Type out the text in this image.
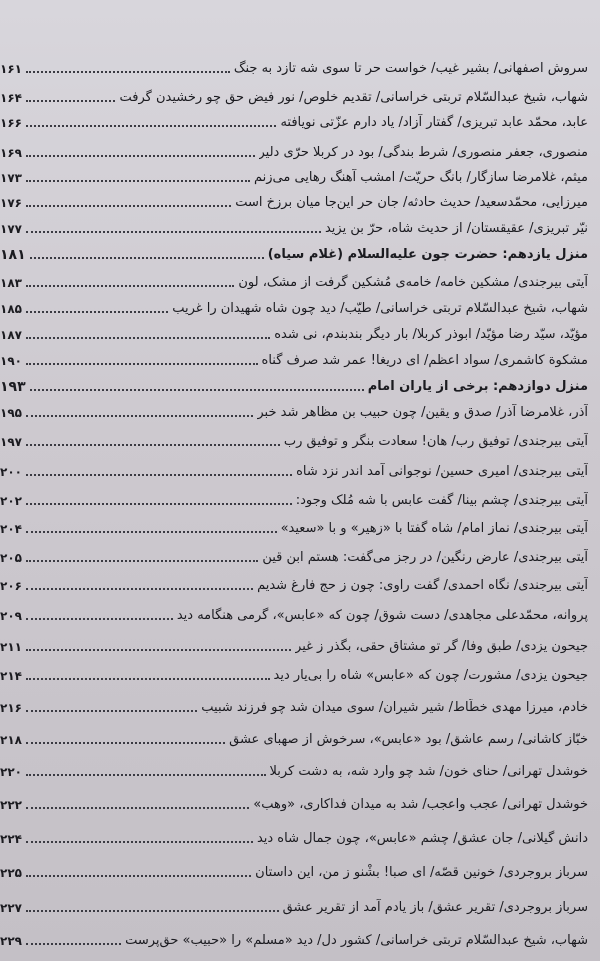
سروش اصفهانی/ بشیر غیب/ خواست حر تا سوی شه تازد به جنگ
۱۶۱
شهاب، شیخ عبدالسّلام تربتی خراسانی/ تقدیم خلوص/ نور فیض حق چو رخشیدن گرفت
۱۶۴
عابد، محمّد عابد تبریزی/ گفتار آزاد/ یاد دارم عزّتی نویافته
۱۶۶
منصوری، جعفر منصوری/ شرط بندگی/ بود در کربلا حرّی دلیر
۱۶۹
میثم، غلامرضا سازگار/ بانگ حریّت/ امشب آهنگ رهایی می‌زنم
۱۷۳
میرزایی، محمّدسعید/ حدیث حادثه/ جان حر این‌جا میان برزخ است
۱۷۶
نیّر تبریزی/ عقیقستان/ از حدیث شاه، حرّ بن یزید
۱۷۷
منزل یازدهم: حضرت جون علیه‌السلام (غلام سیاه)
۱۸۱
آیتی بیرجندی/ مشکین خامه/ خامه‌ی مُشکین گرفت از مشک، لون
۱۸۳
شهاب، شیخ عبدالسّلام تربتی خراسانی/ طیّب/ دید چون شاه شهیدان را غریب
۱۸۵
مؤیّد، سیّد رضا مؤیّد/ ابوذر کربلا/ بار دیگر بندبندم، نی شده
۱۸۷
مشکوة کاشمری/ سواد اعظم/ ای دریغا! عمر شد صرف گناه
۱۹۰
منزل دوازدهم: برخی از یاران امام
۱۹۳
آذر، غلامرضا آذر/ صدق و یقین/ چون حبیب بن مظاهر شد خبر
۱۹۵
آیتی بیرجندی/ توفیق رب/ هان! سعادت بنگر و توفیق رب
۱۹۷
آیتی بیرجندی/ امیری حسین/ نوجوانی آمد اندر نزد شاه
۲۰۰
آیتی بیرجندی/ چشم بینا/ گفت عابس با شه مُلک وجود:
۲۰۲
آیتی بیرجندی/ نماز امام/ شاه گفتا با «زهیر» و با «سعید»
۲۰۴
آیتی بیرجندی/ عارض رنگین/ در رجز می‌گفت: هستم ابن قین
۲۰۵
آیتی بیرجندی/ نگاه احمدی/ گفت راوی: چون ز حج فارغ شدیم
۲۰۶
پروانه، محمّدعلی مجاهدی/ دست شوق/ چون که «عابس»، گرمی هنگامه دید
۲۰۹
جیحون یزدی/ طبق وفا/ گر تو مشتاق حقی، بگذر ز غیر
۲۱۱
جیحون یزدی/ مشورت/ چون که «عابس» شاه را بی‌یار دید
۲۱۴
خادم، میرزا مهدی خطّاط/ شیر شیران/ سوی میدان شد چو فرزند شبیب
۲۱۶
خبّاز کاشانی/ رسم عاشق/ بود «عابس»، سرخوش از صهبای عشق
۲۱۸
خوشدل تهرانی/ حنای خون/ شد چو وارد شه، به دشت کربلا
۲۲۰
خوشدل تهرانی/ عجب واعجب/ شد به میدان فداکاری، «وهب»
۲۲۲
دانش گیلانی/ جان عشق/ چشم «عابس»، چون جمال شاه دید
۲۲۴
سرباز بروجردی/ خونین قصّه/ ای صبا! بشْنو ز من، این داستان
۲۲۵
سرباز بروجردی/ تقریر عشق/ باز یادم آمد از تقریر عشق
۲۲۷
شهاب، شیخ عبدالسّلام تربتی خراسانی/ کشور دل/ دید «مسلم» را «حبیب» حق‌پرست
۲۲۹
